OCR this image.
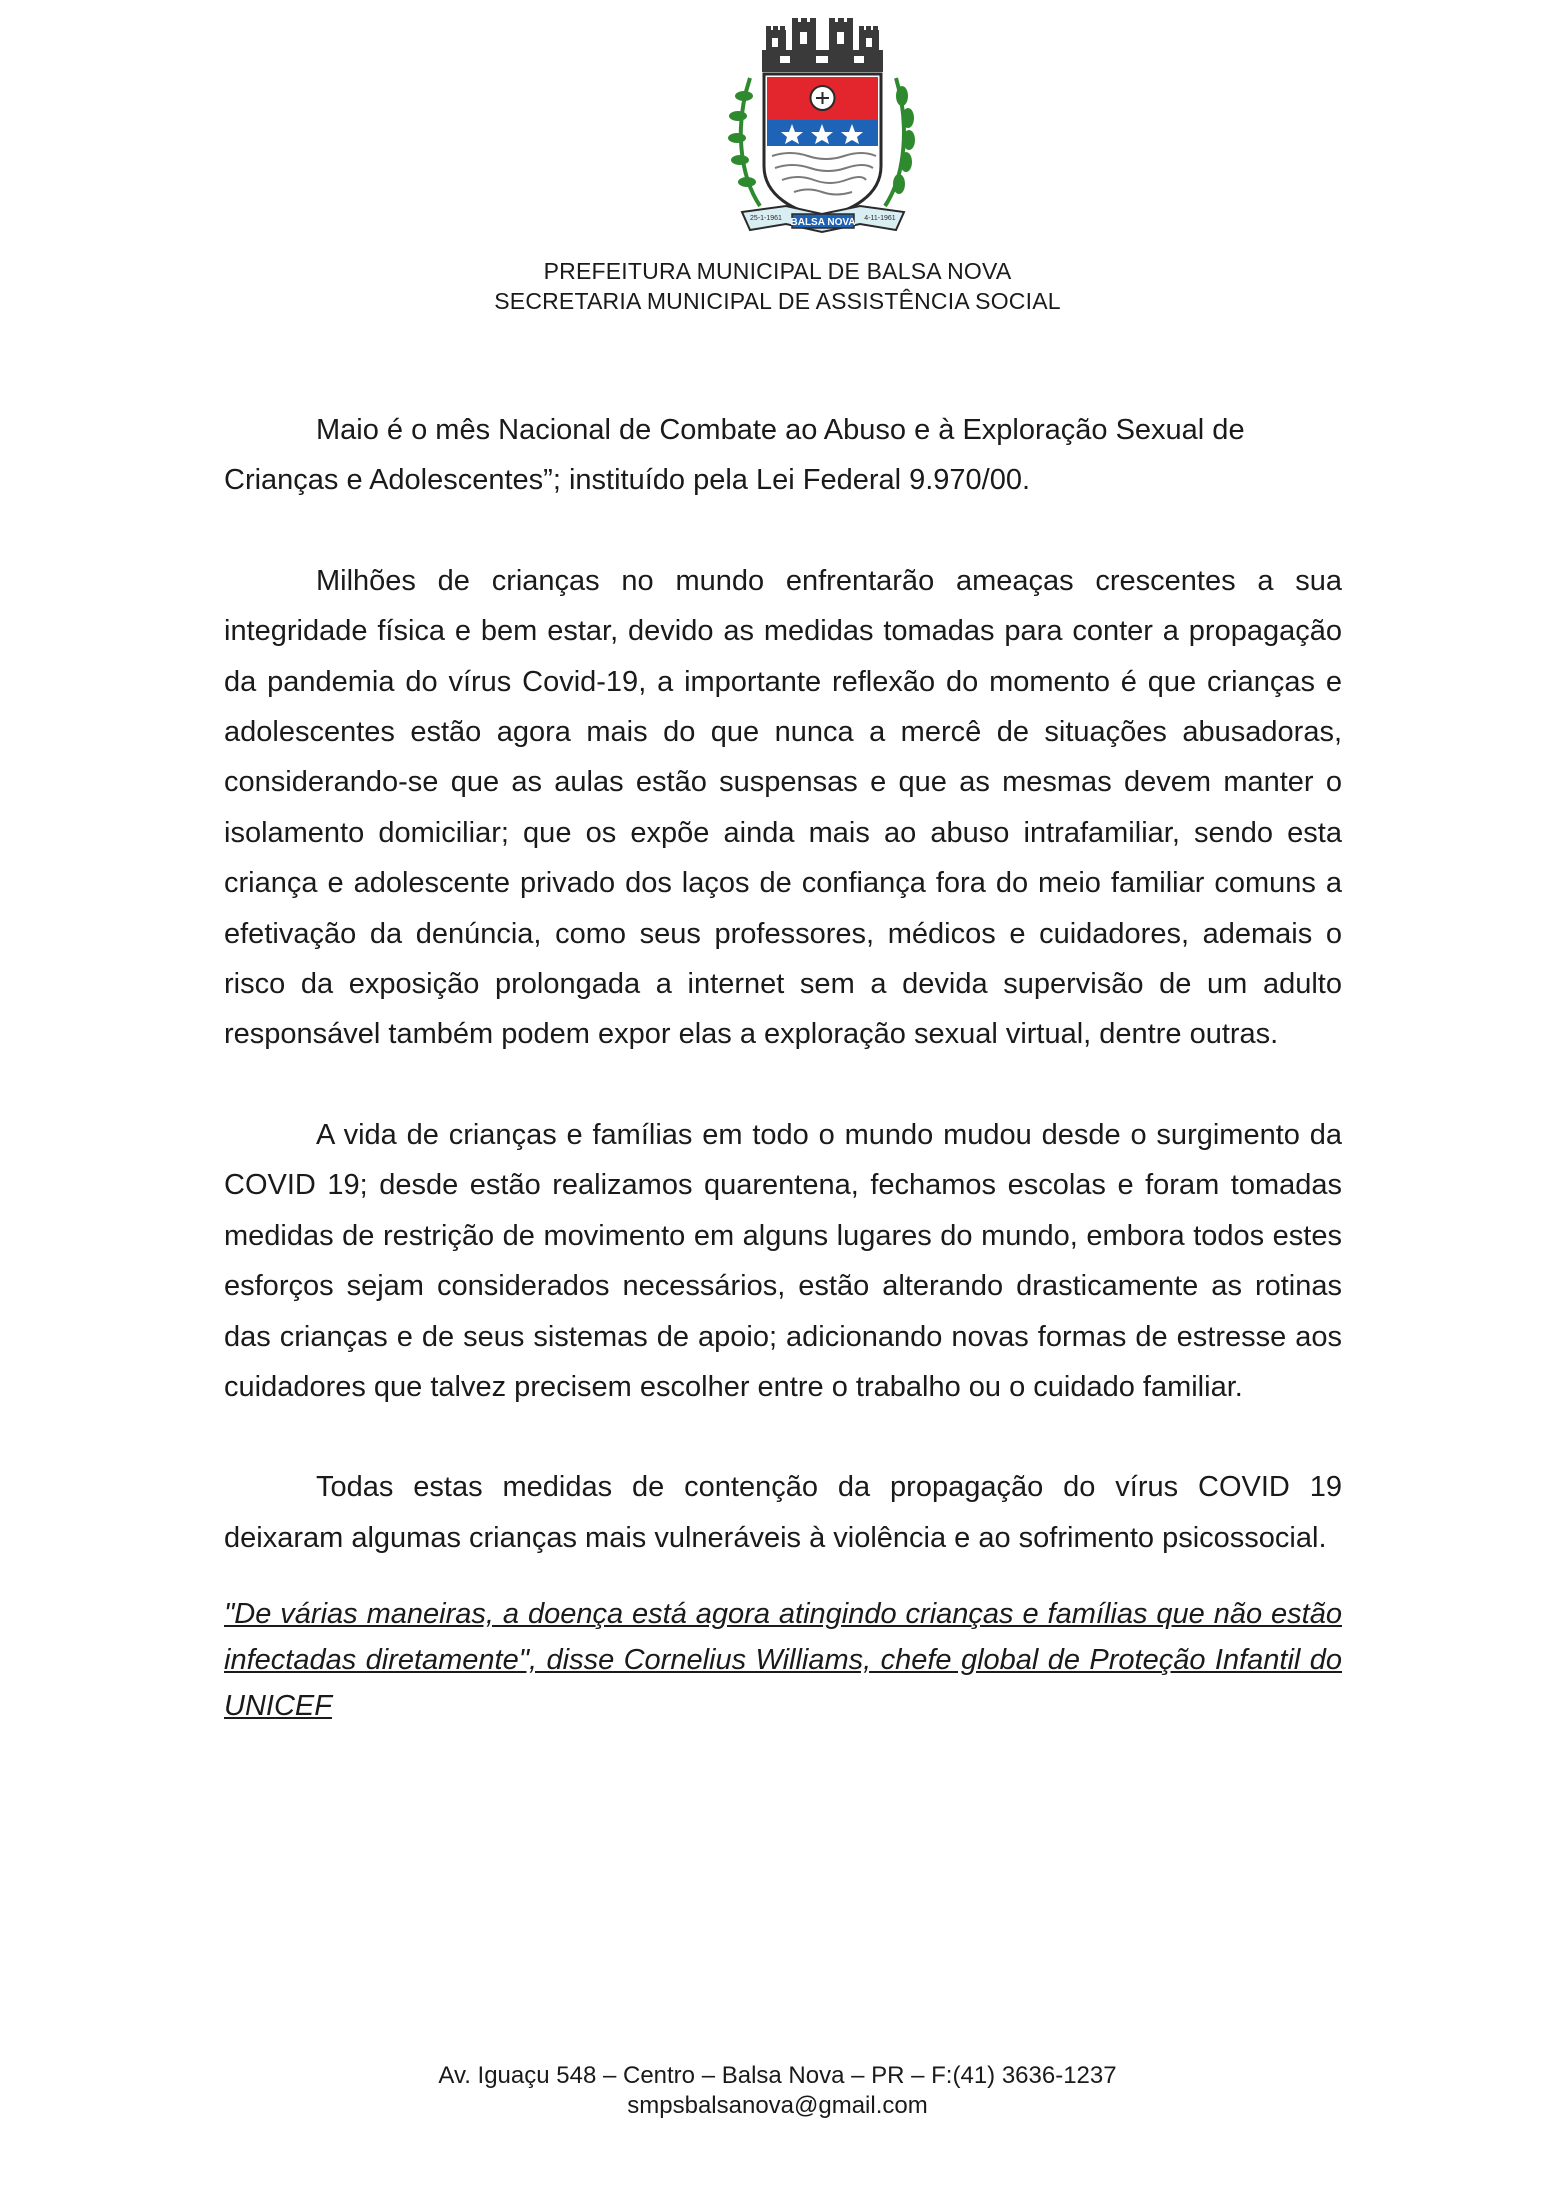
BALSA NOVA
25-1-1961	4-11-1961
PREFEITURA MUNICIPAL DE BALSA NOVA
SECRETARIA MUNICIPAL DE ASSISTÊNCIA SOCIAL

Maio é o mês Nacional de Combate ao Abuso e à Exploração Sexual de Crianças e Adolescentes”; instituído pela Lei Federal 9.970/00.

Milhões de crianças no mundo enfrentarão ameaças crescentes a sua integridade física e bem estar, devido as medidas tomadas para conter a propagação da pandemia do vírus Covid-19, a importante reflexão do momento é que crianças e adolescentes estão agora mais do que nunca a mercê de situações abusadoras, considerando-se que as aulas estão suspensas e que as mesmas devem manter o isolamento domiciliar; que os expõe ainda mais ao abuso intrafamiliar, sendo esta criança e adolescente privado dos laços de confiança fora do meio familiar comuns a efetivação da denúncia, como seus professores, médicos e cuidadores, ademais o risco da exposição prolongada a internet sem a devida supervisão de um adulto responsável também podem expor elas a exploração sexual virtual, dentre outras.

A vida de crianças e famílias em todo o mundo mudou desde o surgimento da COVID 19; desde estão realizamos quarentena, fechamos escolas e foram tomadas medidas de restrição de movimento em alguns lugares do mundo, embora todos estes esforços sejam considerados necessários, estão alterando drasticamente as rotinas das crianças e de seus sistemas de apoio; adicionando novas formas de estresse aos cuidadores que talvez precisem escolher entre o trabalho ou o cuidado familiar.

Todas estas medidas de contenção da propagação do vírus COVID 19 deixaram algumas crianças mais vulneráveis à violência e ao sofrimento psicossocial.

"De várias maneiras, a doença está agora atingindo crianças e famílias que não estão infectadas diretamente", disse Cornelius Williams, chefe global de Proteção Infantil do UNICEF

Av. Iguaçu 548 – Centro – Balsa Nova – PR – F:(41) 3636-1237
smpsbalsanova@gmail.com
